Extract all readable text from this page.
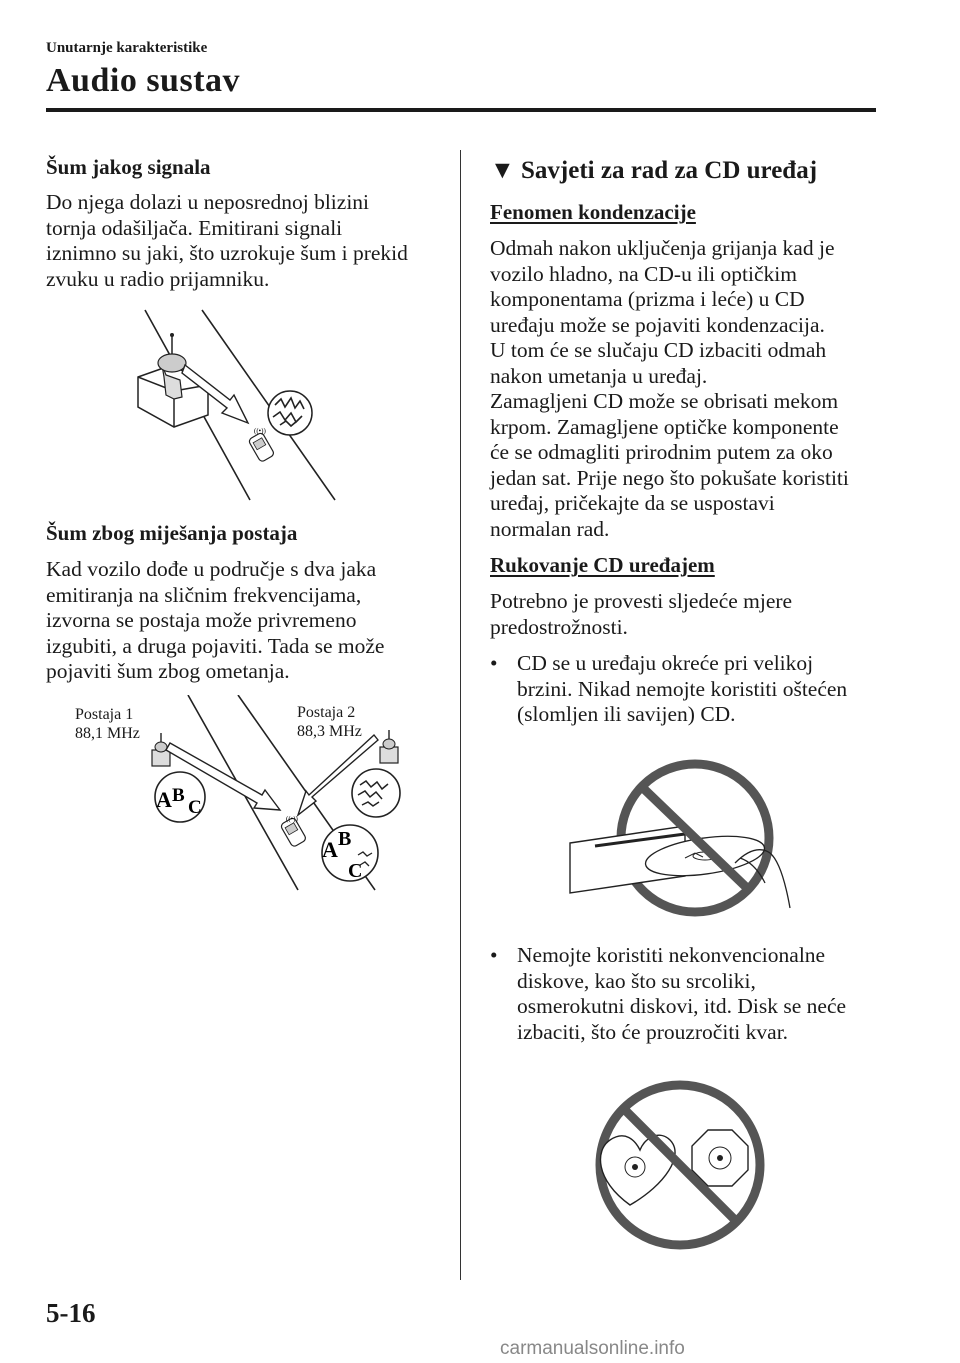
Unutarnje karakteristike
Audio sustav
Šum jakog signala
Do njega dolazi u neposrednoj blizini
tornja odašiljača. Emitirani signali
iznimno su jaki, što uzrokuje šum i prekid
zvuku u radio prijamniku.
((•))
Šum zbog miješanja postaja
Kad vozilo dođe u područje s dva jaka
emitiranja na sličnim frekvencijama,
izvorna se postaja može privremeno
izgubiti, a druga pojaviti. Tada se može
pojaviti šum zbog ometanja.
Postaja 1
88,1 MHz
Postaja 2
88,3 MHz
A B
C
((•))
A B
C
▼ Savjeti za rad za CD uređaj
Fenomen kondenzacije
Odmah nakon uključenja grijanja kad je
vozilo hladno, na CD-u ili optičkim
komponentama (prizma i leće) u CD
uređaju može se pojaviti kondenzacija.
U tom će se slučaju CD izbaciti odmah
nakon umetanja u uređaj.
Zamagljeni CD može se obrisati mekom
krpom. Zamagljene optičke komponente
će se odmagliti prirodnim putem za oko
jedan sat. Prije nego što pokušate koristiti
uređaj, pričekajte da se uspostavi
normalan rad.
Rukovanje CD uređajem
Potrebno je provesti sljedeće mjere
predostrožnosti.
• CD se u uređaju okreće pri velikoj
brzini. Nikad nemojte koristiti oštećen
(slomljen ili savijen) CD.
• Nemojte koristiti nekonvencionalne
diskove, kao što su srcoliki,
osmerokutni diskovi, itd. Disk se neće
izbaciti, što će prouzročiti kvar.
5-16
carmanualsonline.info
